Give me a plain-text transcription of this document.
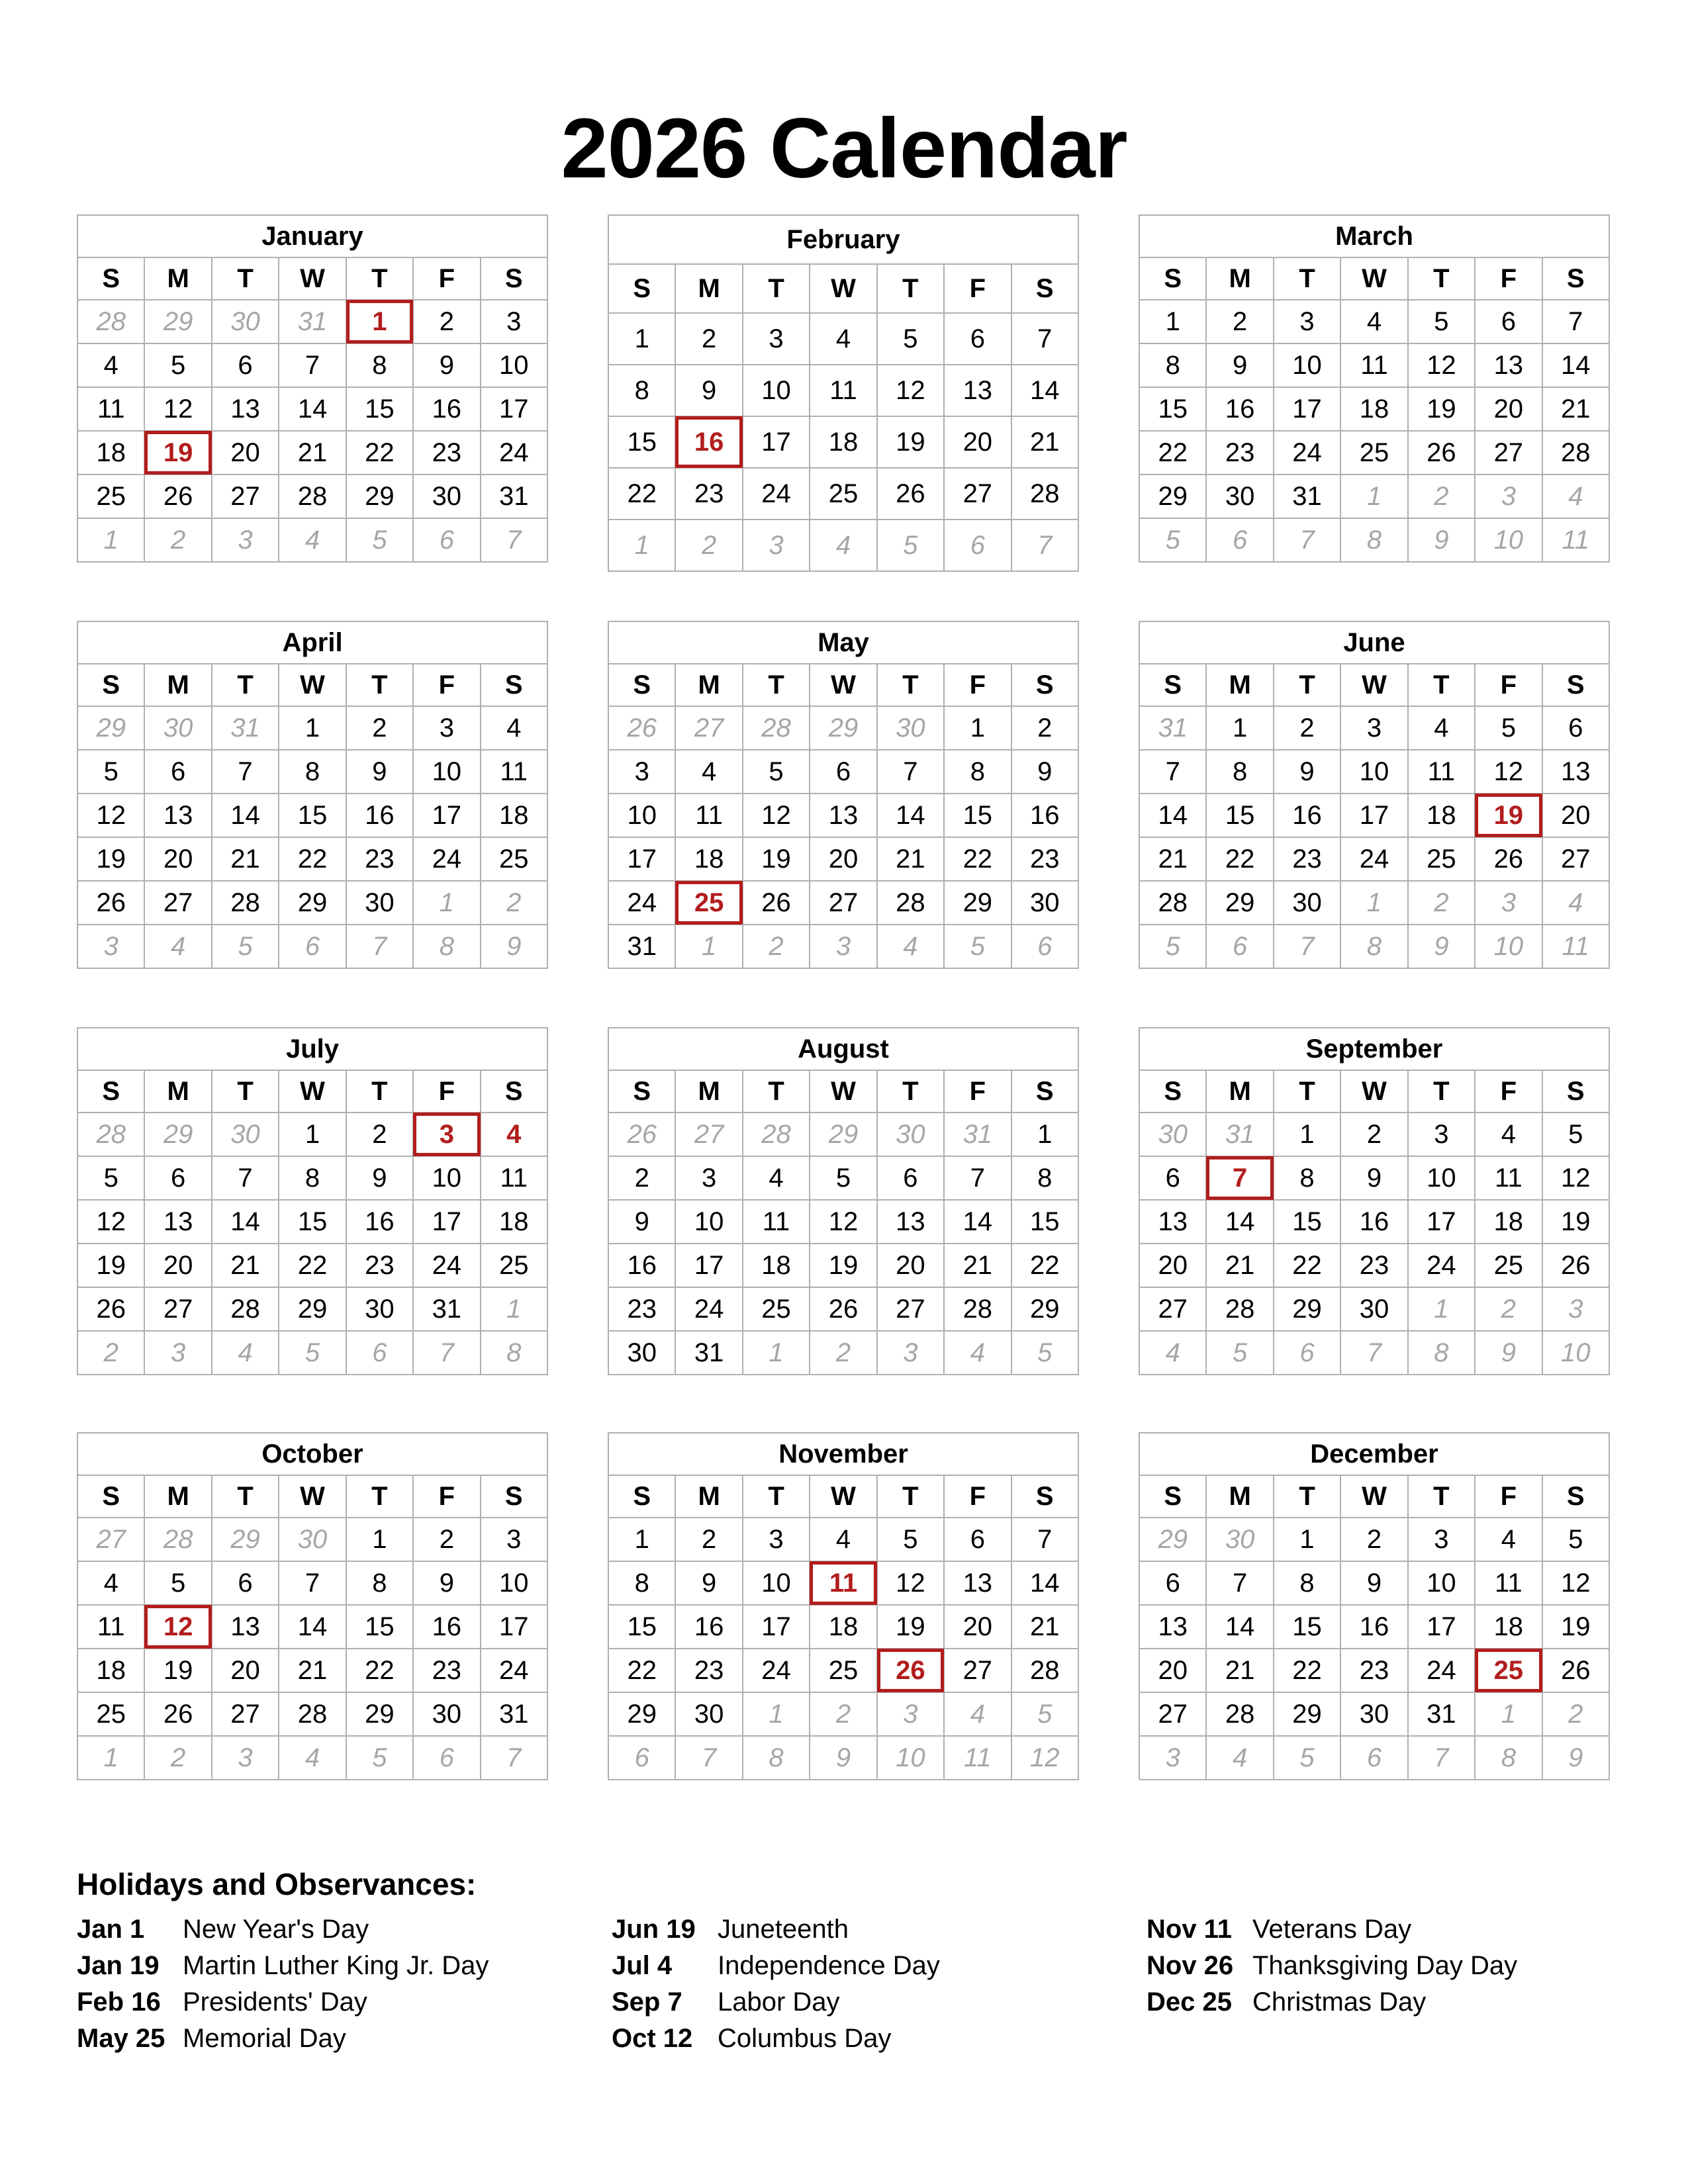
2026 Calendar
January						
S	M	T	W	T	F	S
28	29	30	31	1	2	3
4	5	6	7	8	9	10
11	12	13	14	15	16	17
18	19	20	21	22	23	24
25	26	27	28	29	30	31
1	2	3	4	5	6	7
February						
S	M	T	W	T	F	S
1	2	3	4	5	6	7
8	9	10	11	12	13	14
15	16	17	18	19	20	21
22	23	24	25	26	27	28
1	2	3	4	5	6	7
March						
S	M	T	W	T	F	S
1	2	3	4	5	6	7
8	9	10	11	12	13	14
15	16	17	18	19	20	21
22	23	24	25	26	27	28
29	30	31	1	2	3	4
5	6	7	8	9	10	11
April						
S	M	T	W	T	F	S
29	30	31	1	2	3	4
5	6	7	8	9	10	11
12	13	14	15	16	17	18
19	20	21	22	23	24	25
26	27	28	29	30	1	2
3	4	5	6	7	8	9
May						
S	M	T	W	T	F	S
26	27	28	29	30	1	2
3	4	5	6	7	8	9
10	11	12	13	14	15	16
17	18	19	20	21	22	23
24	25	26	27	28	29	30
31	1	2	3	4	5	6
June						
S	M	T	W	T	F	S
31	1	2	3	4	5	6
7	8	9	10	11	12	13
14	15	16	17	18	19	20
21	22	23	24	25	26	27
28	29	30	1	2	3	4
5	6	7	8	9	10	11
July						
S	M	T	W	T	F	S
28	29	30	1	2	3	4
5	6	7	8	9	10	11
12	13	14	15	16	17	18
19	20	21	22	23	24	25
26	27	28	29	30	31	1
2	3	4	5	6	7	8
August						
S	M	T	W	T	F	S
26	27	28	29	30	31	1
2	3	4	5	6	7	8
9	10	11	12	13	14	15
16	17	18	19	20	21	22
23	24	25	26	27	28	29
30	31	1	2	3	4	5
September						
S	M	T	W	T	F	S
30	31	1	2	3	4	5
6	7	8	9	10	11	12
13	14	15	16	17	18	19
20	21	22	23	24	25	26
27	28	29	30	1	2	3
4	5	6	7	8	9	10
October						
S	M	T	W	T	F	S
27	28	29	30	1	2	3
4	5	6	7	8	9	10
11	12	13	14	15	16	17
18	19	20	21	22	23	24
25	26	27	28	29	30	31
1	2	3	4	5	6	7
November						
S	M	T	W	T	F	S
1	2	3	4	5	6	7
8	9	10	11	12	13	14
15	16	17	18	19	20	21
22	23	24	25	26	27	28
29	30	1	2	3	4	5
6	7	8	9	10	11	12
December						
S	M	T	W	T	F	S
29	30	1	2	3	4	5
6	7	8	9	10	11	12
13	14	15	16	17	18	19
20	21	22	23	24	25	26
27	28	29	30	31	1	2
3	4	5	6	7	8	9
Holidays and Observances:
Jan 1 New Year's Day
Jan 19 Martin Luther King Jr. Day
Feb 16 Presidents' Day
May 25 Memorial Day
Jun 19 Juneteenth
Jul 4 Independence Day
Sep 7 Labor Day
Oct 12 Columbus Day
Nov 11 Veterans Day
Nov 26 Thanksgiving Day Day
Dec 25 Christmas Day
